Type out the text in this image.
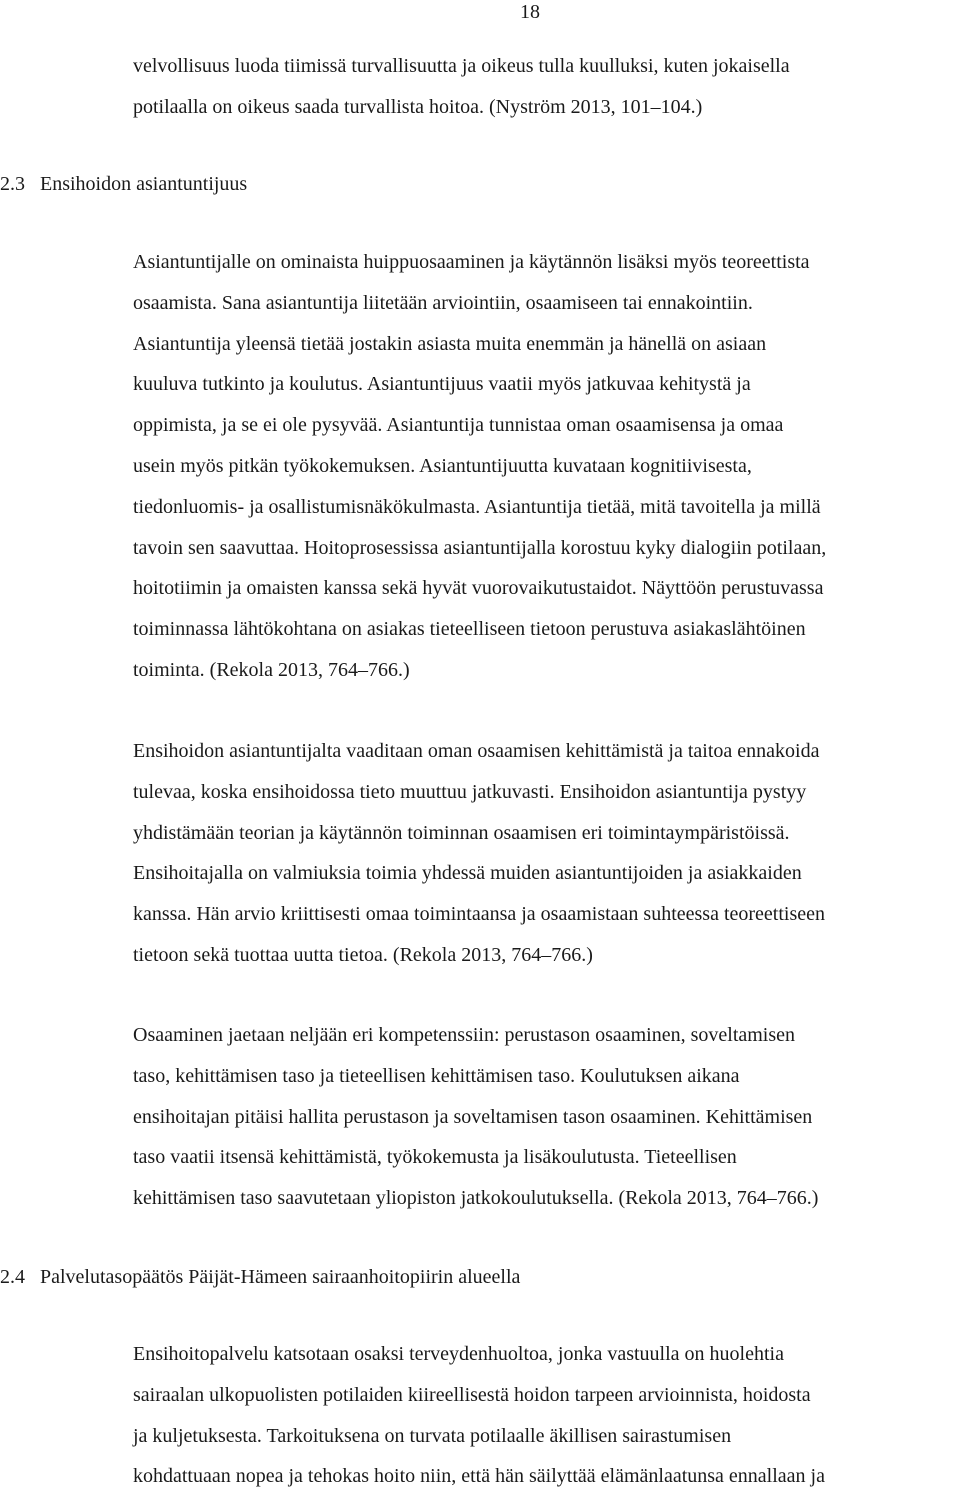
18
velvollisuus luoda tiimissä turvallisuutta ja oikeus tulla kuulluksi, kuten jokaisella
potilaalla on oikeus saada turvallista hoitoa. (Nyström 2013, 101–104.)
2.3 Ensihoidon asiantuntijuus
Asiantuntijalle on ominaista huippuosaaminen ja käytännön lisäksi myös teoreettista
osaamista. Sana asiantuntija liitetään arviointiin, osaamiseen tai ennakointiin.
Asiantuntija yleensä tietää jostakin asiasta muita enemmän ja hänellä on asiaan
kuuluva tutkinto ja koulutus. Asiantuntijuus vaatii myös jatkuvaa kehitystä ja
oppimista, ja se ei ole pysyvää. Asiantuntija tunnistaa oman osaamisensa ja omaa
usein myös pitkän työkokemuksen. Asiantuntijuutta kuvataan kognitiivisesta,
tiedonluomis- ja osallistumisnäkökulmasta. Asiantuntija tietää, mitä tavoitella ja millä
tavoin sen saavuttaa. Hoitoprosessissa asiantuntijalla korostuu kyky dialogiin potilaan,
hoitotiimin ja omaisten kanssa sekä hyvät vuorovaikutustaidot. Näyttöön perustuvassa
toiminnassa lähtökohtana on asiakas tieteelliseen tietoon perustuva asiakaslähtöinen
toiminta. (Rekola 2013, 764–766.)
Ensihoidon asiantuntijalta vaaditaan oman osaamisen kehittämistä ja taitoa ennakoida
tulevaa, koska ensihoidossa tieto muuttuu jatkuvasti. Ensihoidon asiantuntija pystyy
yhdistämään teorian ja käytännön toiminnan osaamisen eri toimintaympäristöissä.
Ensihoitajalla on valmiuksia toimia yhdessä muiden asiantuntijoiden ja asiakkaiden
kanssa. Hän arvio kriittisesti omaa toimintaansa ja osaamistaan suhteessa teoreettiseen
tietoon sekä tuottaa uutta tietoa. (Rekola 2013, 764–766.)
Osaaminen jaetaan neljään eri kompetenssiin: perustason osaaminen, soveltamisen
taso, kehittämisen taso ja tieteellisen kehittämisen taso. Koulutuksen aikana
ensihoitajan pitäisi hallita perustason ja soveltamisen tason osaaminen. Kehittämisen
taso vaatii itsensä kehittämistä, työkokemusta ja lisäkoulutusta. Tieteellisen
kehittämisen taso saavutetaan yliopiston jatkokoulutuksella. (Rekola 2013, 764–766.)
2.4 Palvelutasopäätös Päijät-Hämeen sairaanhoitopiirin alueella
Ensihoitopalvelu katsotaan osaksi terveydenhuoltoa, jonka vastuulla on huolehtia
sairaalan ulkopuolisten potilaiden kiireellisestä hoidon tarpeen arvioinnista, hoidosta
ja kuljetuksesta. Tarkoituksena on turvata potilaalle äkillisen sairastumisen
kohdattuaan nopea ja tehokas hoito niin, että hän säilyttää elämänlaatunsa ennallaan ja
